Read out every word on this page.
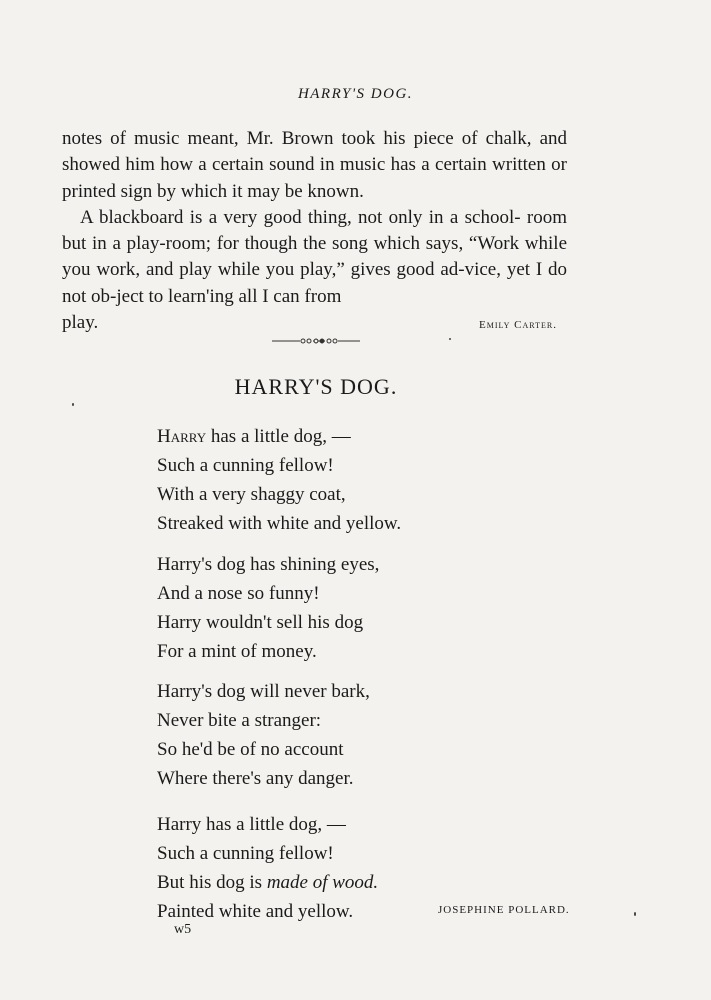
HARRY'S DOG.

notes of music meant, Mr. Brown took his piece of chalk, and showed him how a certain sound in music has a certain written or printed sign by which it may be known.

A blackboard is a very good thing, not only in a school- room but in a play-room; for though the song which says, “Work while you work, and play while you play,” gives good ad-vice, yet I do not ob-ject to learn'ing all I can from

play.	Emily Carter.
HARRY'S DOG.
Harry has a little dog, —
Such a cunning fellow!
With a very shaggy coat,
Streaked with white and yellow.
Harry's dog has shining eyes,
And a nose so funny!
Harry wouldn't sell his dog
For a mint of money.
Harry's dog will never bark,
Never bite a stranger:
So he'd be of no account
Where there's any danger.
Harry has a little dog, —
Such a cunning fellow!
But his dog is made of wood.
Painted white and yellow.	JOSEPHINE POLLARD.
w5
